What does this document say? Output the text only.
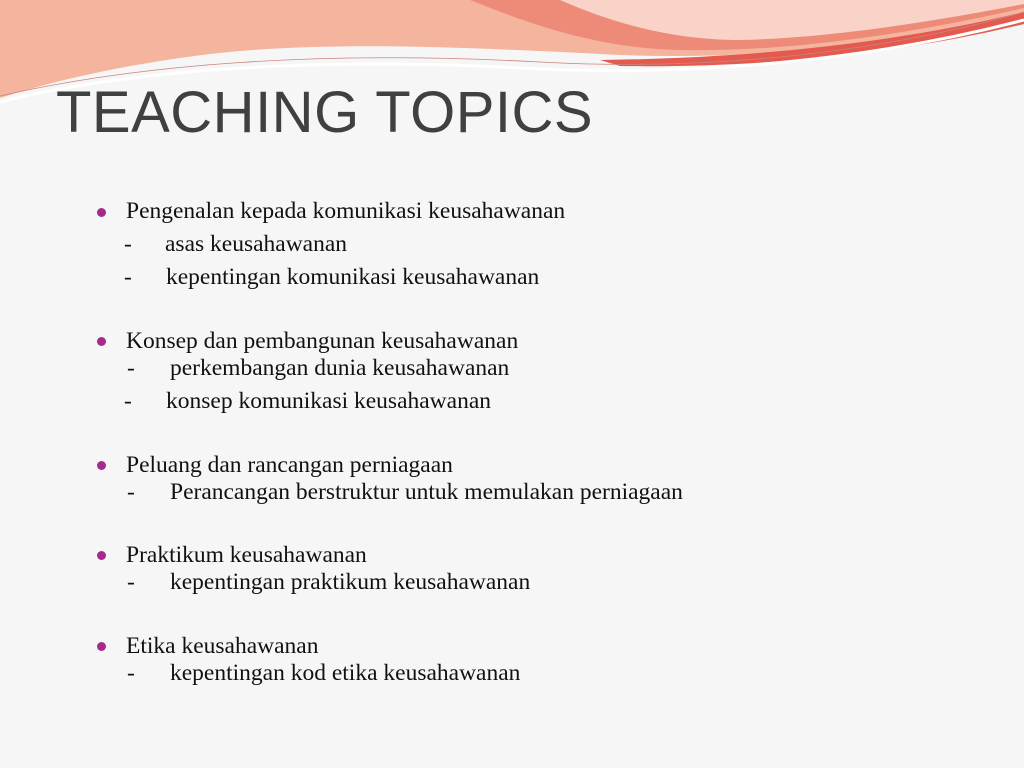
TEACHING TOPICS
Pengenalan kepada komunikasi keusahawanan
- asas keusahawanan
- kepentingan komunikasi keusahawanan
Konsep dan pembangunan keusahawanan
- perkembangan dunia keusahawanan
- konsep komunikasi keusahawanan
Peluang dan rancangan perniagaan
- Perancangan berstruktur untuk memulakan perniagaan
Praktikum keusahawanan
- kepentingan praktikum keusahawanan
Etika keusahawanan
- kepentingan kod etika keusahawanan
